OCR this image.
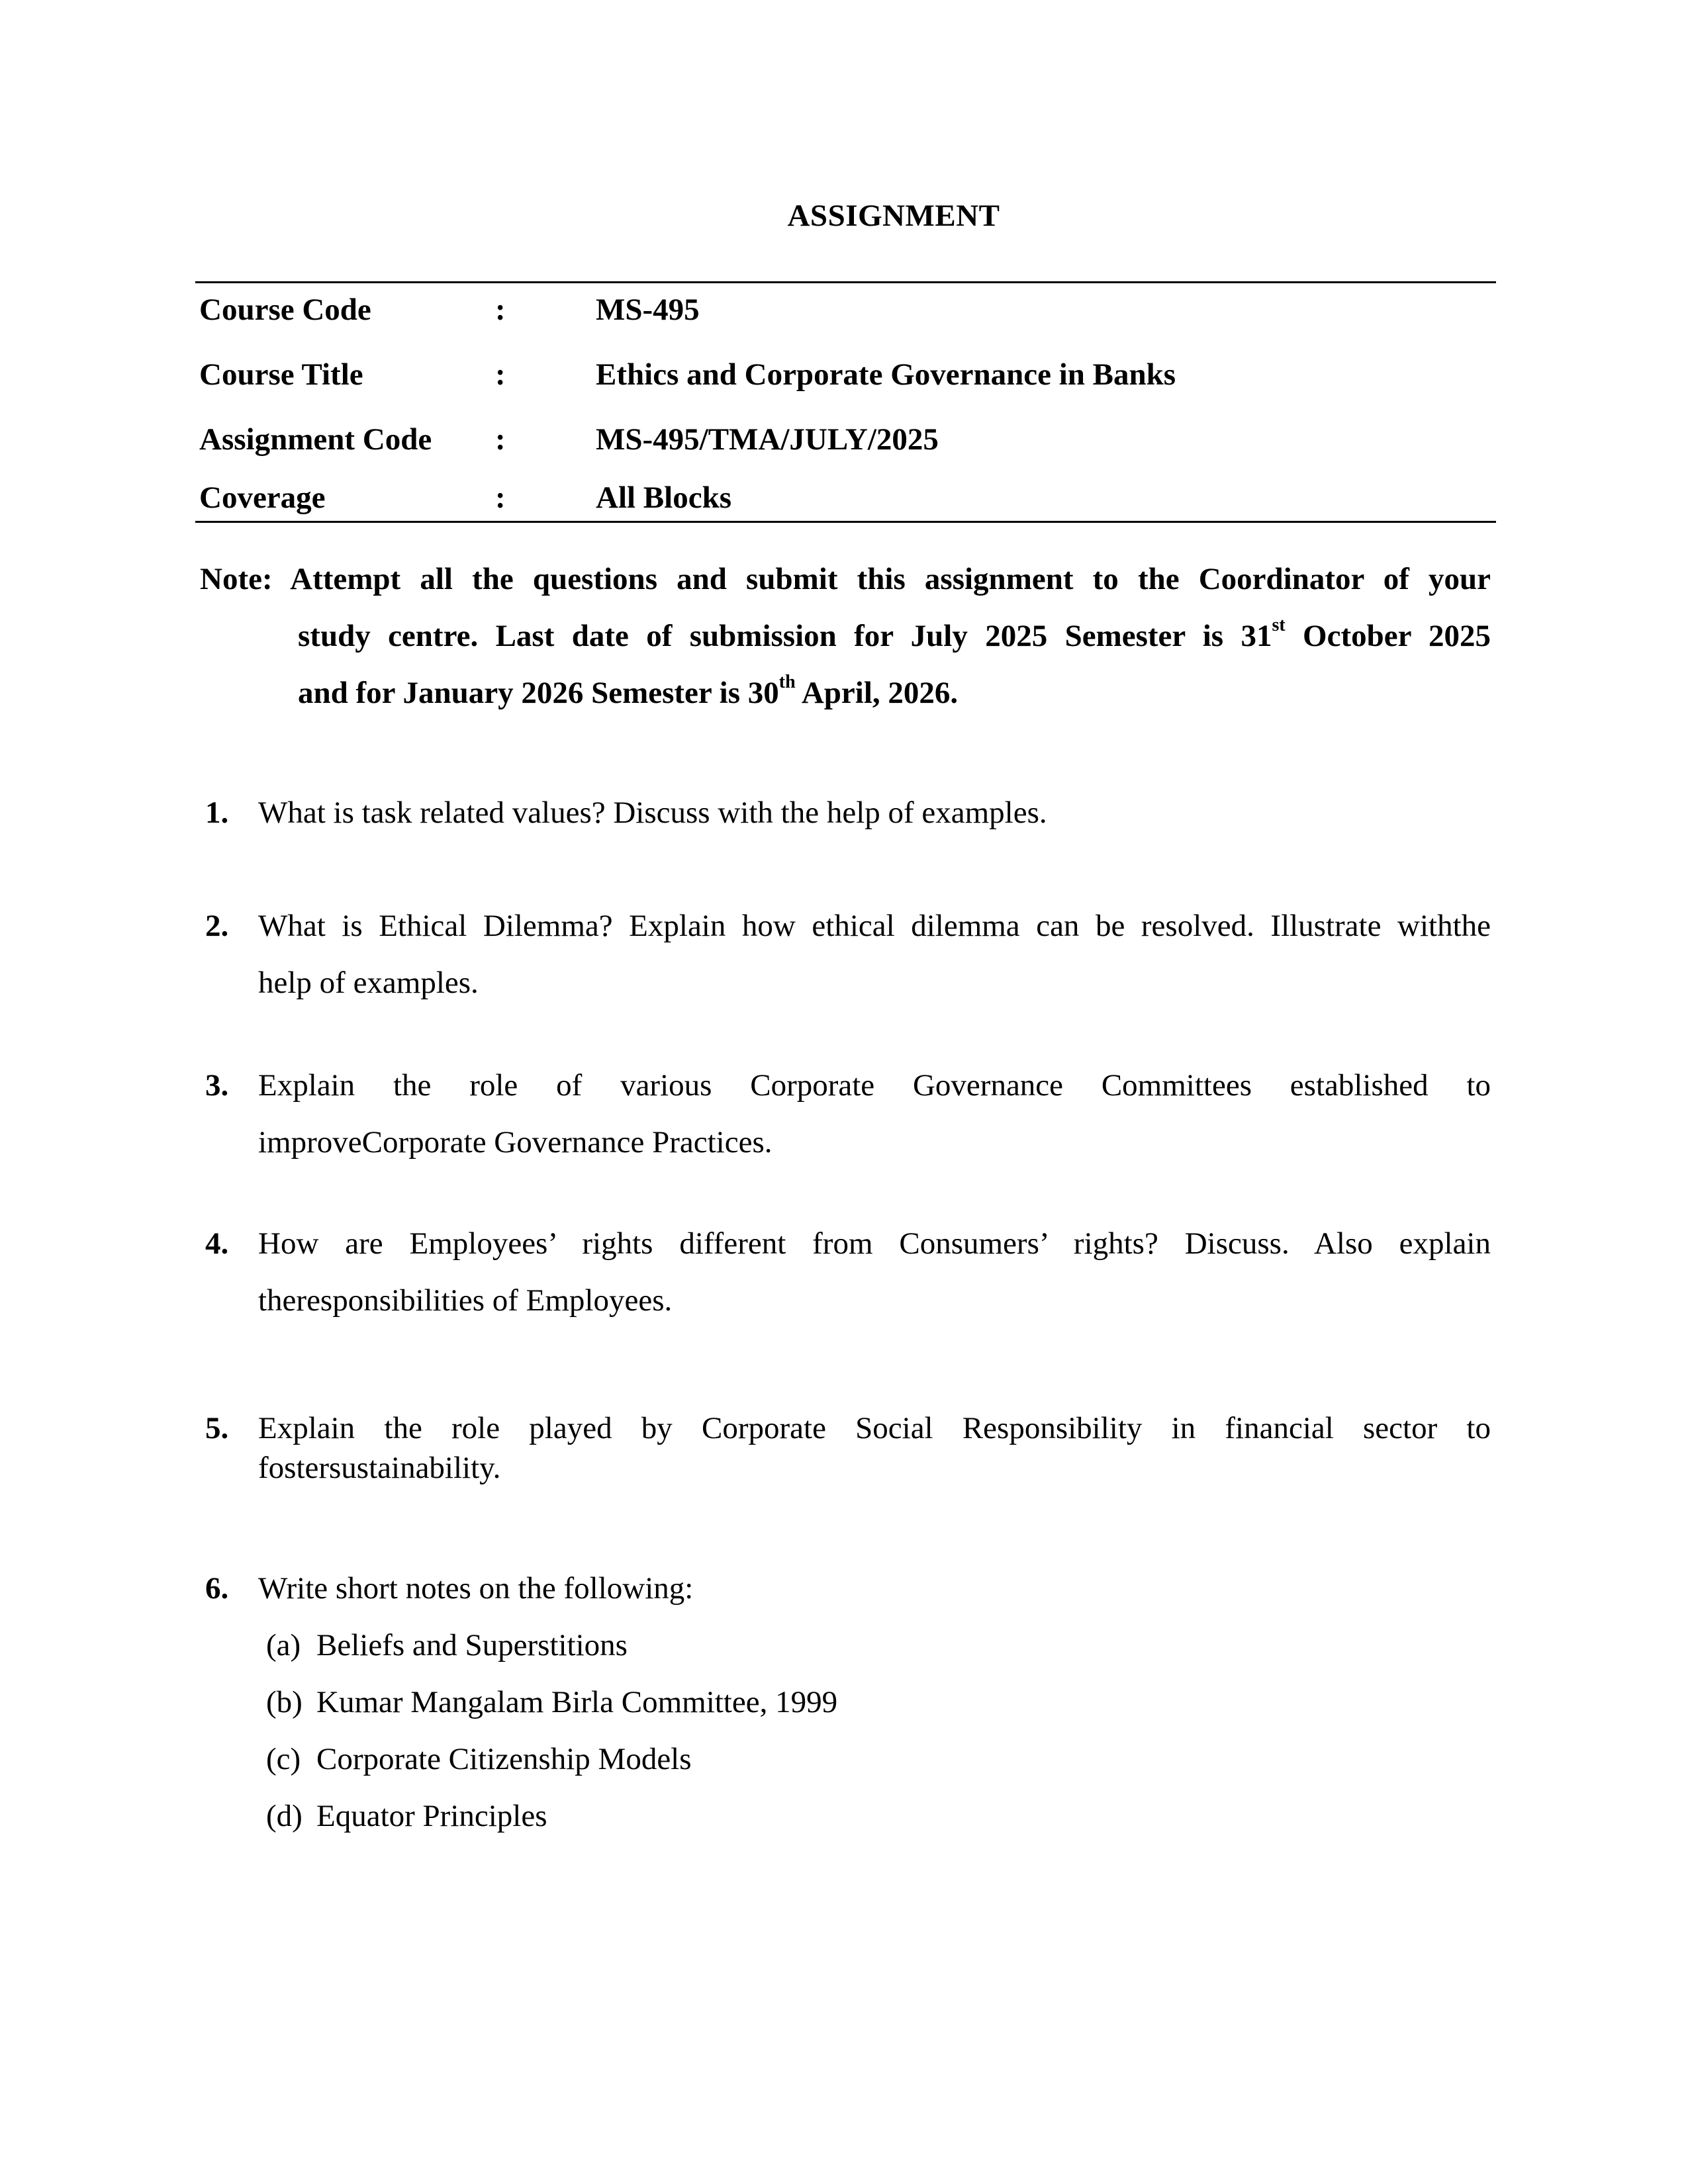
ASSIGNMENT
Course Code	:	MS-495
Course Title	:	Ethics and Corporate Governance in Banks
Assignment Code :	MS-495/TMA/JULY/2025
Coverage	:	All Blocks
Note: Attempt all the questions and submit this assignment to the Coordinator of your
study centre. Last date of submission for July 2025 Semester is 31st October 2025
and for January 2026 Semester is 30th April, 2026.
1. What is task related values? Discuss with the help of examples.
2. What is Ethical Dilemma? Explain how ethical dilemma can be resolved. Illustrate withthe
help of examples.
3. Explain the role of various Corporate Governance Committees established to
improveCorporate Governance Practices.
4. How are Employees’ rights different from Consumers’ rights? Discuss. Also explain
theresponsibilities of Employees.
5. Explain the role played by Corporate Social Responsibility in financial sector to
fostersustainability.
6. Write short notes on the following:
(a) Beliefs and Superstitions
(b) Kumar Mangalam Birla Committee, 1999
(c) Corporate Citizenship Models
(d) Equator Principles
